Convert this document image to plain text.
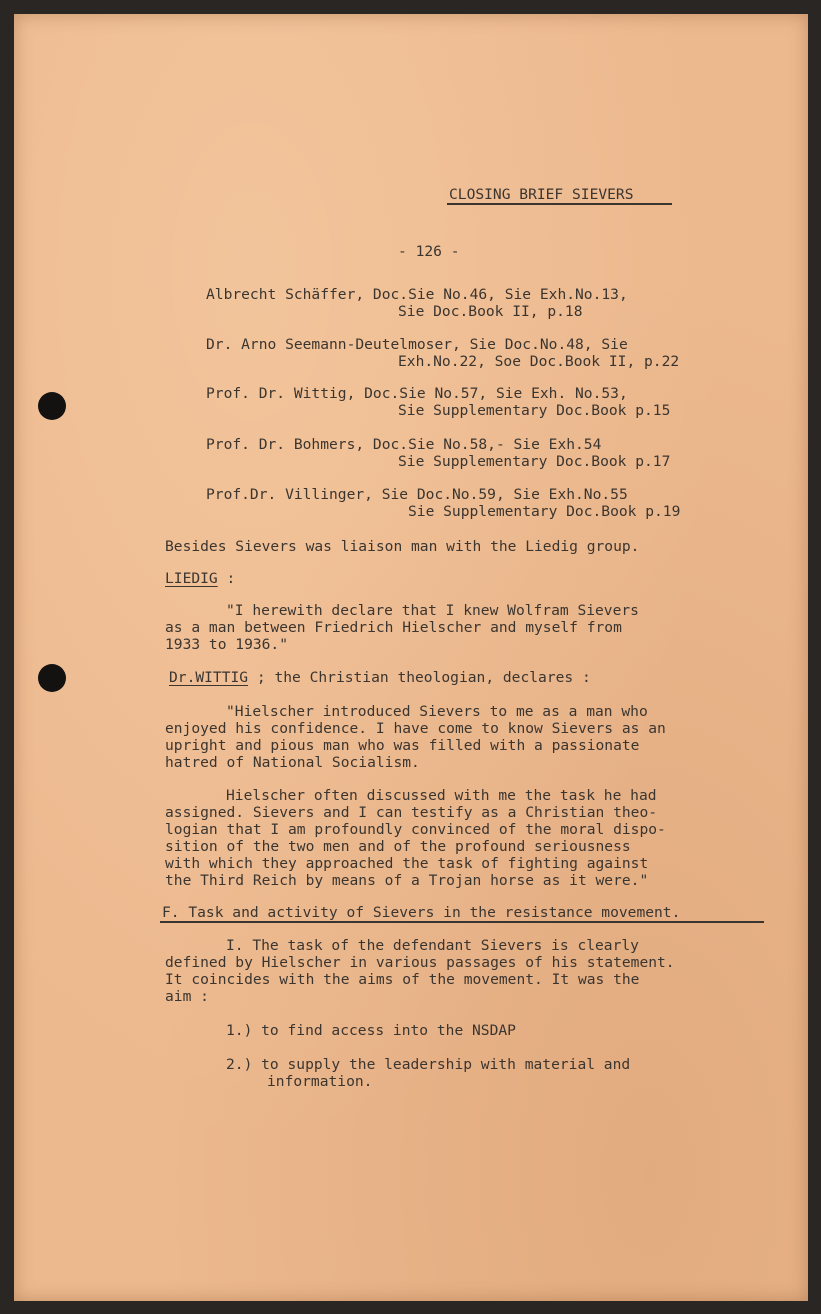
CLOSING BRIEF SIEVERS

- 126 -

Albrecht Schäffer, Doc.Sie No.46, Sie Exh.No.13,

Sie Doc.Book II, p.18

Dr. Arno Seemann-Deutelmoser, Sie Doc.No.48, Sie

Exh.No.22, Soe Doc.Book II, p.22

Prof. Dr. Wittig, Doc.Sie No.57, Sie Exh. No.53,

Sie Supplementary Doc.Book p.15

Prof. Dr. Bohmers, Doc.Sie No.58,- Sie Exh.54

Sie Supplementary Doc.Book p.17

Prof.Dr. Villinger, Sie Doc.No.59, Sie Exh.No.55

Sie Supplementary Doc.Book p.19

Besides Sievers was liaison man with the Liedig group.

LIEDIG :

"I herewith declare that I knew Wolfram Sievers

as a man between Friedrich Hielscher and myself from

1933 to 1936."

Dr.WITTIG ; the Christian theologian, declares :

"Hielscher introduced Sievers to me as a man who

enjoyed his confidence. I have come to know Sievers as an

upright and pious man who was filled with a passionate

hatred of National Socialism.

Hielscher often discussed with me the task he had

assigned. Sievers and I can testify as a Christian theo-

logian that I am profoundly convinced of the moral dispo-

sition of the two men and of the profound seriousness

with which they approached the task of fighting against

the Third Reich by means of a Trojan horse as it were."

F. Task and activity of Sievers in the resistance movement.

I. The task of the defendant Sievers is clearly

defined by Hielscher in various passages of his statement.

It coincides with the aims of the movement. It was the

aim :

1.) to find access into the NSDAP

2.) to supply the leadership with material and

information.
